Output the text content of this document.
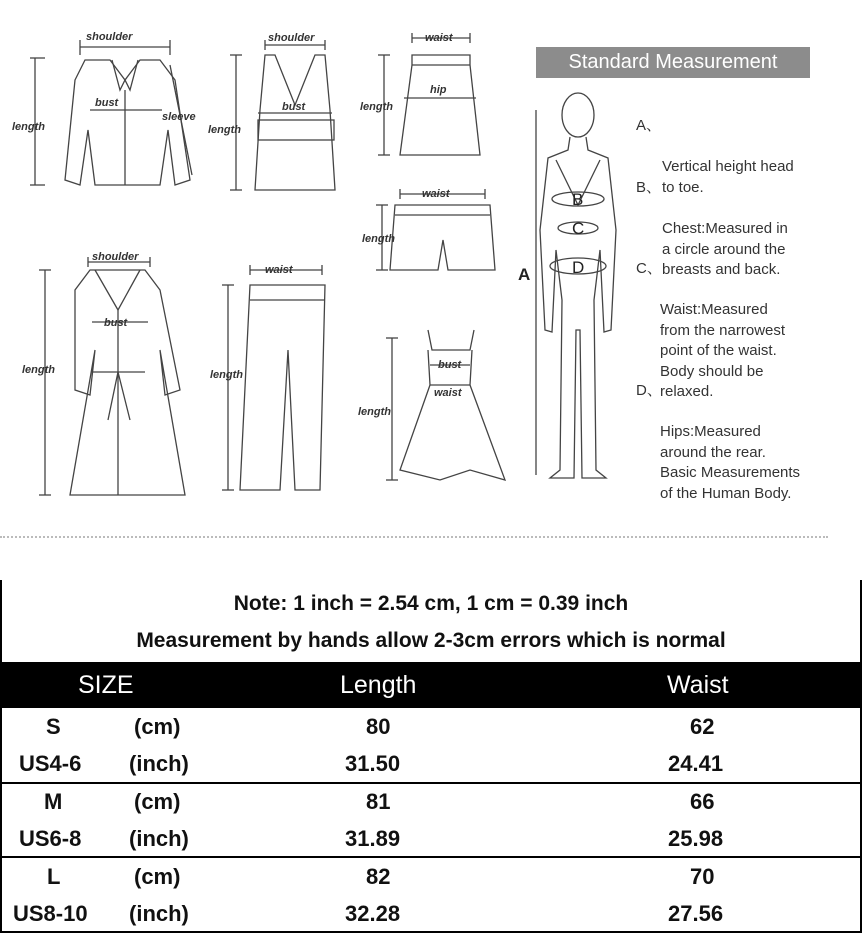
shoulder
bust
sleeve
length
shoulder
bust
length
waist
hip
length
waist
length
shoulder
bust
length
waist
length
bust
waist
length
B
C
D
A
Standard Measurement

A、

Vertical height head
to toe.

B、

Chest:Measured in
a circle around the
breasts and back.

C、

Waist:Measured
from the narrowest
point of the waist.
Body should be
relaxed.

D、

Hips:Measured
around the rear.
Basic Measurements
of the Human Body.

Note: 1 inch = 2.54 cm, 1 cm = 0.39 inch
Measurement by hands allow 2-3cm errors which is normal
SIZE	Length	Waist
S	(cm)	80	62
US4-6 (inch)	31.50	24.41
M	(cm)	81	66
US6-8 (inch)	31.89	25.98
L	(cm)	82	70
US8-10 (inch)	32.28	27.56
